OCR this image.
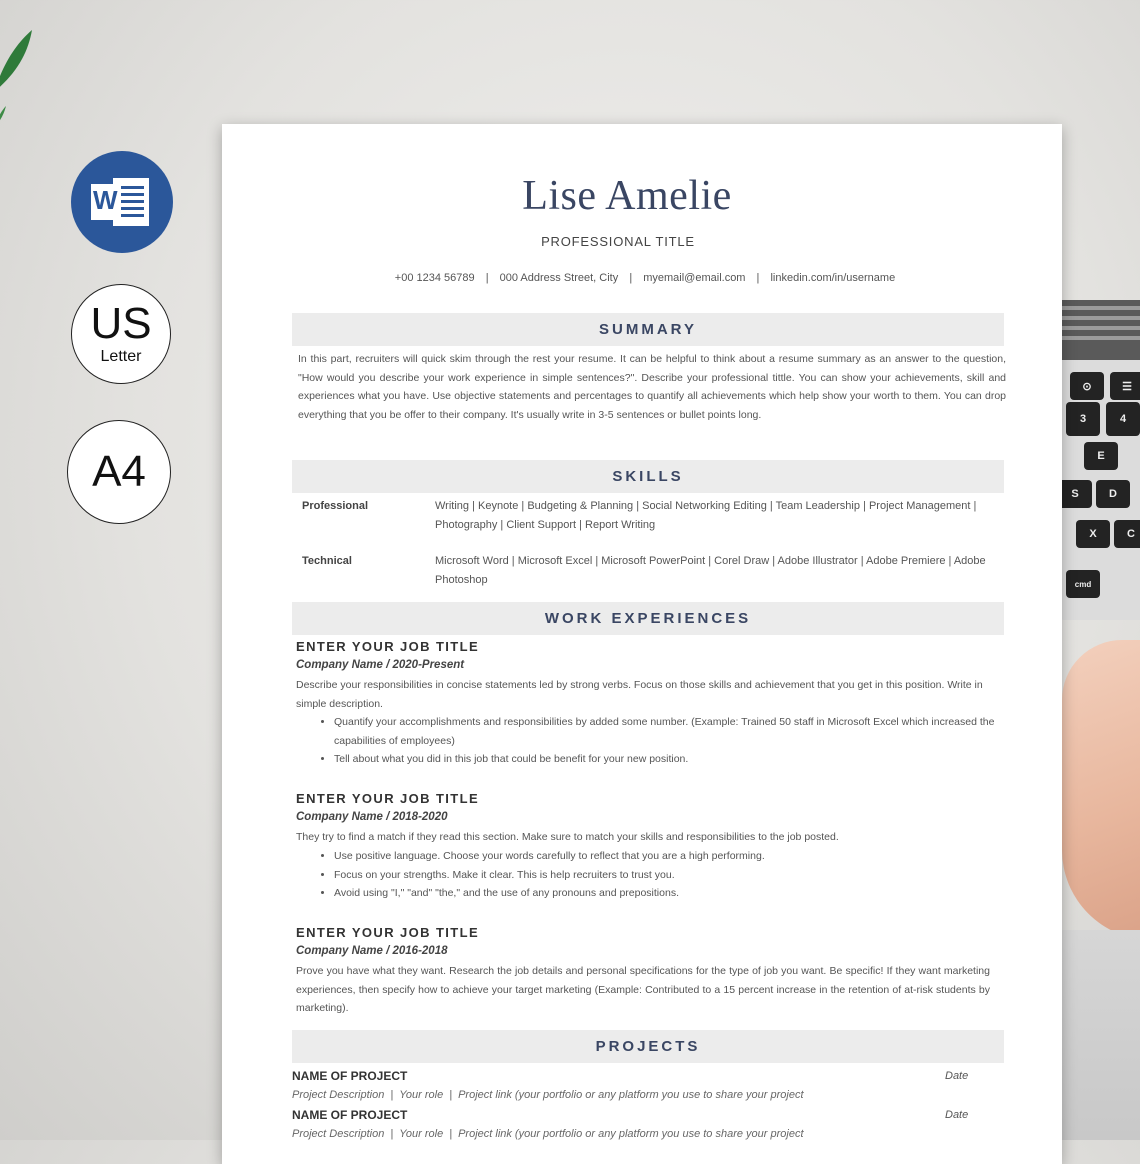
⊙	☰
3	4
E
S	D
X	C
cmd
W
US
Letter
A4
Lise Amelie
PROFESSIONAL TITLE
+00 1234 56789 | 000 Address Street, City | myemail@email.com | linkedin.com/in/username
SUMMARY
In this part, recruiters will quick skim through the rest your resume. It can be helpful to think about a resume summary as an answer to the question, "How would you describe your work experience in simple sentences?". Describe your professional tittle. You can show your achievements, skill and experiences what you have. Use objective statements and percentages to quantify all achievements which help show your worth to them. You can drop everything that you be offer to their company. It's usually write in 3-5 sentences or bullet points long.
SKILLS
Professional	Writing | Keynote | Budgeting & Planning | Social Networking Editing | Team Leadership | Project Management | Photography | Client Support | Report Writing
Technical	Microsoft Word | Microsoft Excel | Microsoft PowerPoint | Corel Draw | Adobe Illustrator | Adobe Premiere | Adobe Photoshop
WORK EXPERIENCES
ENTER YOUR JOB TITLE
Company Name / 2020-Present
Describe your responsibilities in concise statements led by strong verbs. Focus on those skills and achievement that you get in this position. Write in simple description.
• Quantify your accomplishments and responsibilities by added some number. (Example: Trained 50 staff in Microsoft Excel which increased the capabilities of employees)
• Tell about what you did in this job that could be benefit for your new position.
ENTER YOUR JOB TITLE
Company Name / 2018-2020
They try to find a match if they read this section. Make sure to match your skills and responsibilities to the job posted.
• Use positive language. Choose your words carefully to reflect that you are a high performing.
• Focus on your strengths. Make it clear. This is help recruiters to trust you.
• Avoid using "I," "and" "the," and the use of any pronouns and prepositions.
ENTER YOUR JOB TITLE
Company Name / 2016-2018
Prove you have what they want. Research the job details and personal specifications for the type of job you want. Be specific! If they want marketing experiences, then specify how to achieve your target marketing (Example: Contributed to a 15 percent increase in the retention of at-risk students by marketing).
PROJECTS
NAME OF PROJECT	Date
Project Description | Your role | Project link (your portfolio or any platform you use to share your project
NAME OF PROJECT	Date
Project Description | Your role | Project link (your portfolio or any platform you use to share your project
